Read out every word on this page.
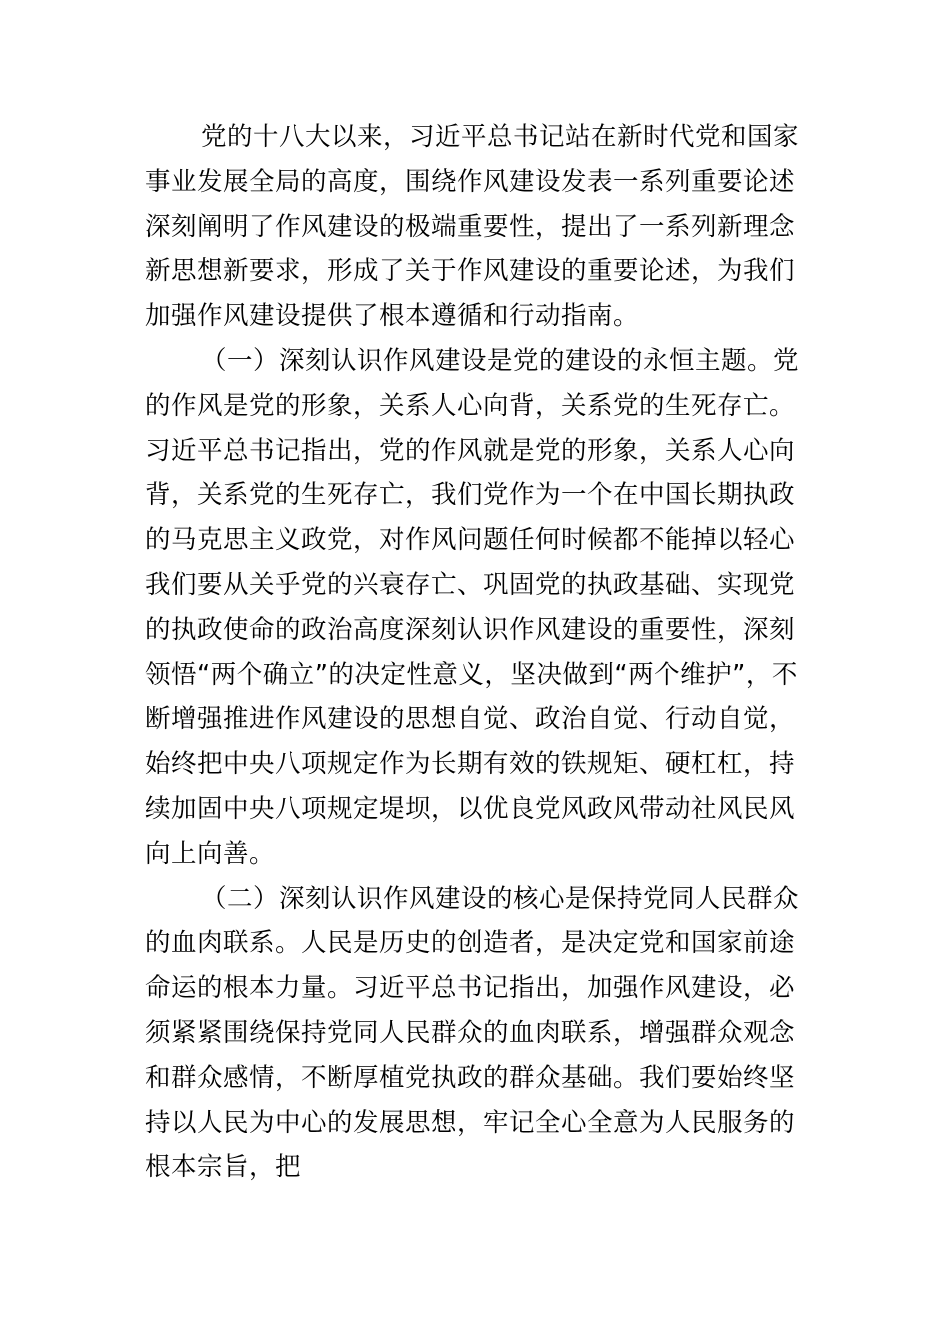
党的十八大以来，习近平总书记站在新时代党和国家
事业发展全局的高度，围绕作风建设发表一系列重要论述
深刻阐明了作风建设的极端重要性，提出了一系列新理念
新思想新要求，形成了关于作风建设的重要论述，为我们
加强作风建设提供了根本遵循和行动指南。
（一）深刻认识作风建设是党的建设的永恒主题。党
的作风是党的形象，关系人心向背，关系党的生死存亡。
习近平总书记指出，党的作风就是党的形象，关系人心向
背，关系党的生死存亡，我们党作为一个在中国长期执政
的马克思主义政党，对作风问题任何时候都不能掉以轻心
我们要从关乎党的兴衰存亡、巩固党的执政基础、实现党
的执政使命的政治高度深刻认识作风建设的重要性，深刻
领悟“两个确立”的决定性意义，坚决做到“两个维护”，不
断增强推进作风建设的思想自觉、政治自觉、行动自觉，
始终把中央八项规定作为长期有效的铁规矩、硬杠杠，持
续加固中央八项规定堤坝，以优良党风政风带动社风民风
向上向善。
（二）深刻认识作风建设的核心是保持党同人民群众
的血肉联系。人民是历史的创造者，是决定党和国家前途
命运的根本力量。习近平总书记指出，加强作风建设，必
须紧紧围绕保持党同人民群众的血肉联系，增强群众观念
和群众感情，不断厚植党执政的群众基础。我们要始终坚
持以人民为中心的发展思想，牢记全心全意为人民服务的
根本宗旨，把
